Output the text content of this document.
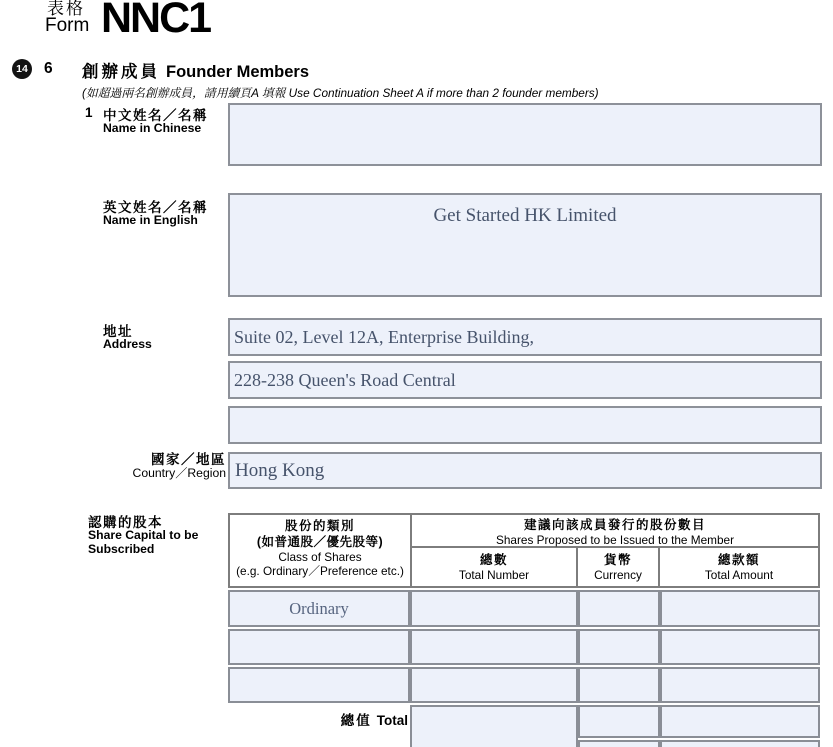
表格
Form NNC1
14 6 創辦成員 Founder Members
(如超過兩名創辦成員，請用續頁A 填報 Use Continuation Sheet A if more than 2 founder members)
1 中文姓名／名稱
Name in Chinese
英文姓名／名稱
Name in English	Get Started HK Limited
地址
Address	Suite 02, Level 12A, Enterprise Building,
228-238 Queen's Road Central
國家／地區
Country／Region Hong Kong
認購的股本
Share Capital to be
Subscribed
股份的類別
(如普通股／優先股等)
Class of Shares
(e.g. Ordinary／Preference etc.)
建議向該成員發行的股份數目
Shares Proposed to be Issued to the Member
總數
Total Number
貨幣
Currency
總款額
Total Amount
Ordinary
總值 Total
